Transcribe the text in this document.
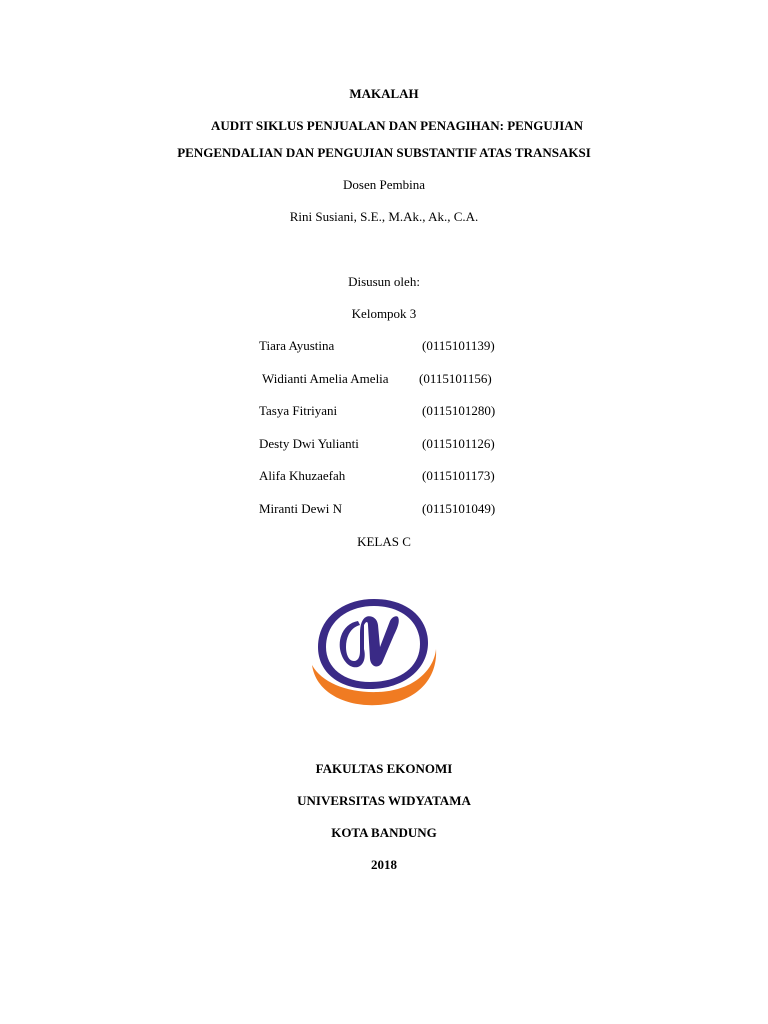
MAKALAH
AUDIT SIKLUS PENJUALAN DAN PENAGIHAN: PENGUJIAN
PENGENDALIAN DAN PENGUJIAN SUBSTANTIF ATAS TRANSAKSI
Dosen Pembina
Rini Susiani, S.E., M.Ak., Ak., C.A.
Disusun oleh:
Kelompok 3
Tiara Ayustina	(0115101139)
Widianti Amelia Amelia (0115101156)
Tasya Fitriyani	(0115101280)
Desty Dwi Yulianti	(0115101126)
Alifa Khuzaefah	(0115101173)
Miranti Dewi N	(0115101049)
KELAS C
FAKULTAS EKONOMI
UNIVERSITAS WIDYATAMA
KOTA BANDUNG
2018
